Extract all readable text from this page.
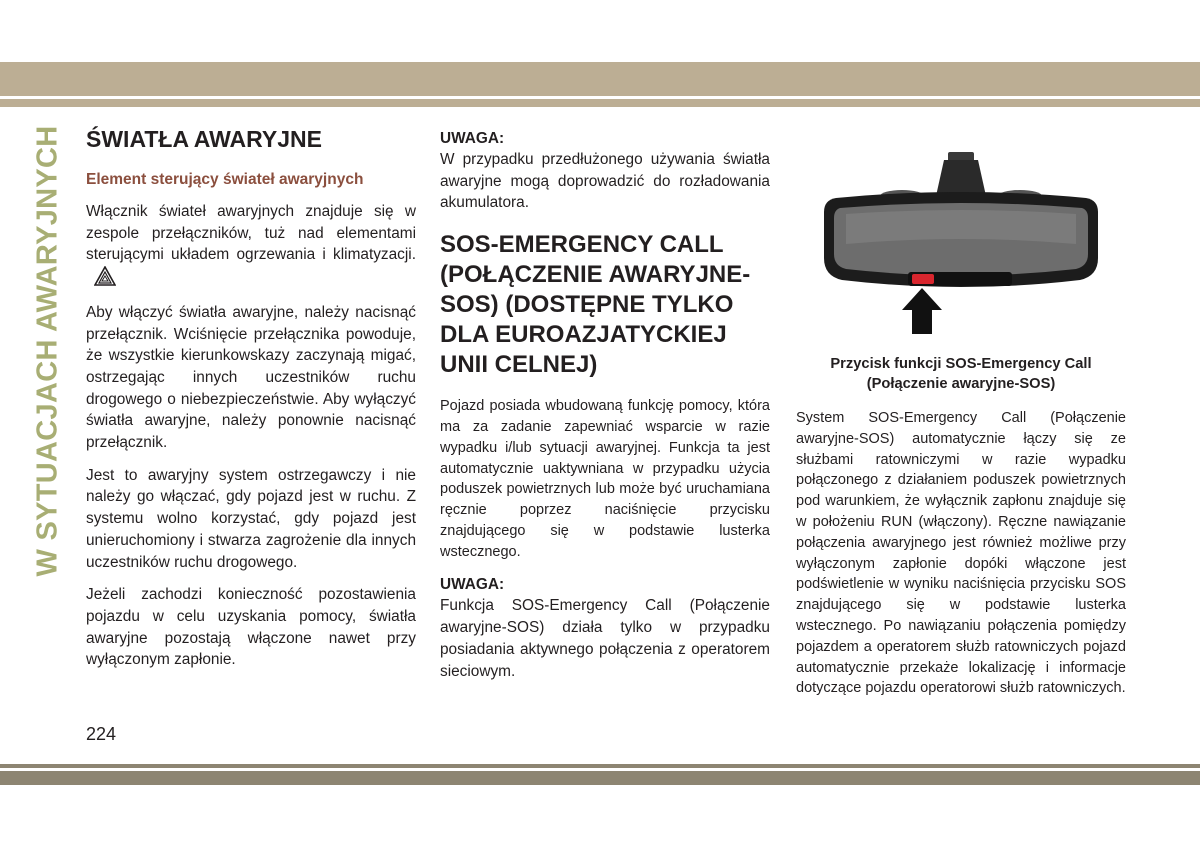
W SYTUACJACH AWARYJNYCH ŚWIATŁA AWARYJNE
Element sterujący świateł awaryjnych
Włącznik świateł awaryjnych znajduje się w zespole przełączników, tuż nad elementami sterującymi układem ogrzewania i klimatyzacji.
Aby włączyć światła awaryjne, należy nacisnąć przełącznik. Wciśnięcie przełącznika powoduje, że wszystkie kierunkowskazy zaczynają migać, ostrzegając innych uczestników ruchu drogowego o niebezpieczeństwie. Aby wyłączyć światła awaryjne, należy ponownie nacisnąć przełącznik.
Jest to awaryjny system ostrzegawczy i nie należy go włączać, gdy pojazd jest w ruchu. Z systemu wolno korzystać, gdy pojazd jest unieruchomiony i stwarza zagrożenie dla innych uczestników ruchu drogowego.
Jeżeli zachodzi konieczność pozostawienia pojazdu w celu uzyskania pomocy, światła awaryjne pozostają włączone nawet przy wyłączonym zapłonie.
UWAGA:
W przypadku przedłużonego używania światła awaryjne mogą doprowadzić do rozładowania akumulatora.
SOS-EMERGENCY CALL (POŁĄCZENIE AWARYJNE-SOS) (DOSTĘPNE TYLKO DLA EUROAZJATYCKIEJ UNII CELNEJ)
Pojazd posiada wbudowaną funkcję pomocy, która ma za zadanie zapewniać wsparcie w razie wypadku i/lub sytuacji awaryjnej. Funkcja ta jest automatycznie uaktywniana w przypadku użycia poduszek powietrznych lub może być uruchamiana ręcznie poprzez naciśnięcie przycisku znajdującego się w podstawie lusterka wstecznego.
UWAGA:
Funkcja SOS-Emergency Call (Połączenie awaryjne-SOS) działa tylko w przypadku posiadania aktywnego połączenia z operatorem sieciowym.
Przycisk funkcji SOS-Emergency Call (Połączenie awaryjne-SOS)
System SOS-Emergency Call (Połączenie awaryjne-SOS) automatycznie łączy się ze służbami ratowniczymi w razie wypadku połączonego z działaniem poduszek powietrznych pod warunkiem, że wyłącznik zapłonu znajduje się w położeniu RUN (włączony). Ręczne nawiązanie połączenia awaryjnego jest również możliwe przy wyłączonym zapłonie dopóki włączone jest podświetlenie w wyniku naciśnięcia przycisku SOS znajdującego się w podstawie lusterka wstecznego. Po nawiązaniu połączenia pomiędzy pojazdem a operatorem służb ratowniczych pojazd automatycznie przekaże lokalizację i informacje dotyczące pojazdu operatorowi służb ratowniczych.
224
